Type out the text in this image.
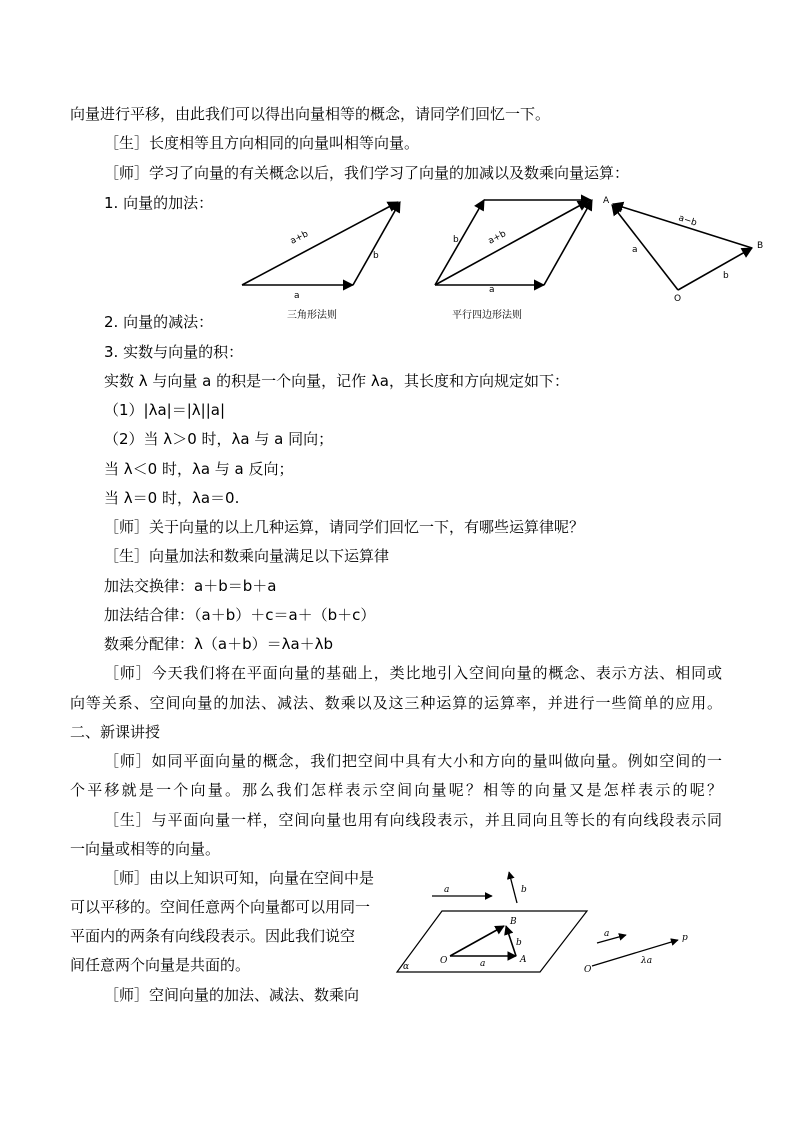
向量进行平移，由此我们可以得出向量相等的概念，请同学们回忆一下。
［生］长度相等且方向相同的向量叫相等向量。
［师］学习了向量的有关概念以后，我们学习了向量的加减以及数乘向量运算：
1. 向量的加法：
a
b
a+b
三角形法则
a
b	a+b
平行四边形法则
A
B
O
a
b
a−b
2. 向量的减法：
3. 实数与向量的积：
实数 λ 与向量 a 的积是一个向量，记作 λa，其长度和方向规定如下：
（1）|λa|＝|λ||a|
（2）当 λ＞0 时，λa 与 a 同向；
当 λ＜0 时，λa 与 a 反向；
当 λ＝0 时，λa＝0.
［师］关于向量的以上几种运算，请同学们回忆一下，有哪些运算律呢？
［生］向量加法和数乘向量满足以下运算律
加法交换律：a＋b＝b＋a
加法结合律：（a＋b）＋c＝a＋（b＋c）
数乘分配律：λ（a＋b）＝λa＋λb
［师］今天我们将在平面向量的基础上，类比地引入空间向量的概念、表示方法、相同或
向等关系、空间向量的加法、减法、数乘以及这三种运算的运算率，并进行一些简单的应用。
二、新课讲授
［师］如同平面向量的概念，我们把空间中具有大小和方向的量叫做向量。例如空间的一
个平移就是一个向量。那么我们怎样表示空间向量呢？相等的向量又是怎样表示的呢？
［生］与平面向量一样，空间向量也用有向线段表示，并且同向且等长的有向线段表示同
一向量或相等的向量。
［师］由以上知识可知，向量在空间中是
可以平移的。空间任意两个向量都可以用同一
平面内的两条有向线段表示。因此我们说空
间任意两个向量是共面的。
［师］空间向量的加法、减法、数乘向
a	b
α
O	a	A
B
b
a	p
λa
O
